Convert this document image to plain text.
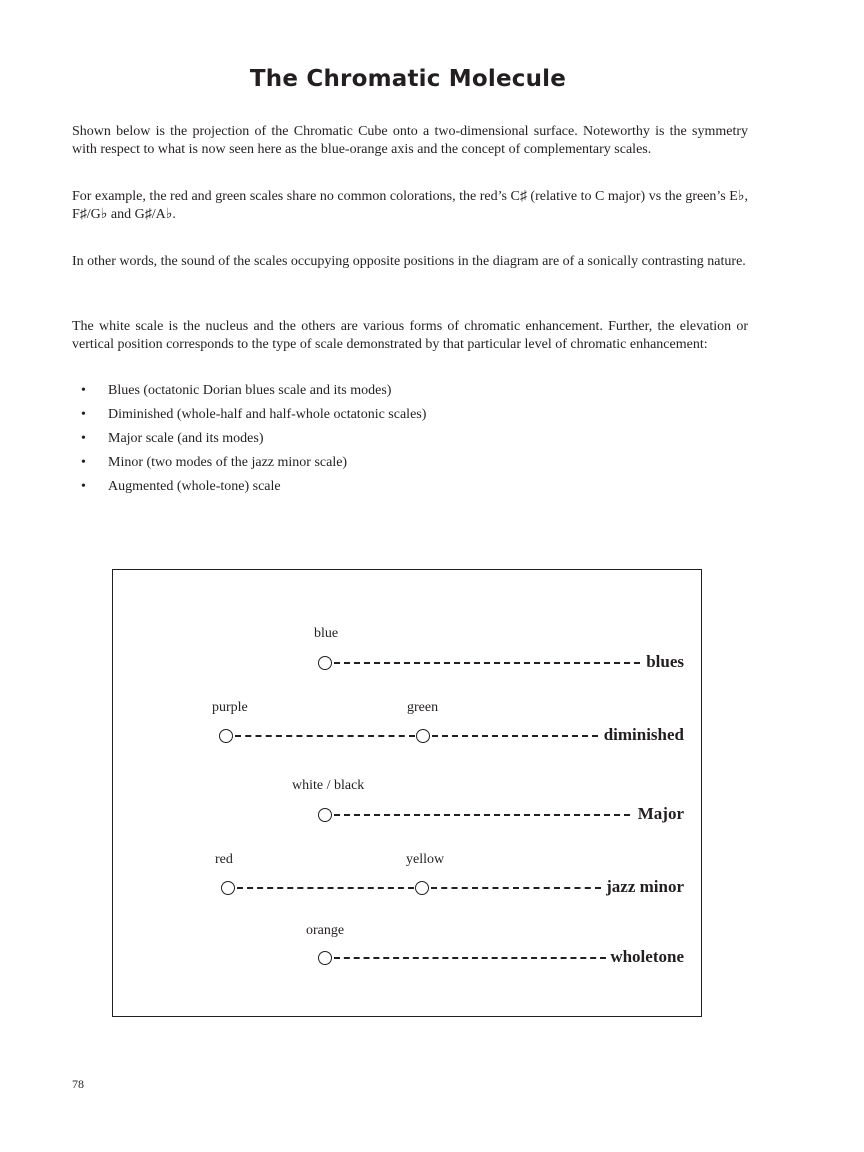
The Chromatic Molecule

Shown below is the projection of the Chromatic Cube onto a two-dimensional surface. Noteworthy is the symmetry with respect to what is now seen here as the blue-orange axis and the concept of complementary scales.

For example, the red and green scales share no common colorations, the red’s C♯ (relative to C major) vs the green’s E♭, F♯/G♭ and G♯/A♭.

In other words, the sound of the scales occupying opposite positions in the diagram are of a sonically contrasting nature.

The white scale is the nucleus and the others are various forms of chromatic enhancement. Further, the elevation or vertical position corresponds to the type of scale demonstrated by that particular level of chromatic enhancement:

• Blues (octatonic Dorian blues scale and its modes)
• Diminished (whole-half and half-whole octatonic scales)
• Major scale (and its modes)
• Minor (two modes of the jazz minor scale)
• Augmented (whole-tone) scale
blue
blues
purple	green
diminished
white / black
Major
red	yellow
jazz minor
orange
wholetone
78
